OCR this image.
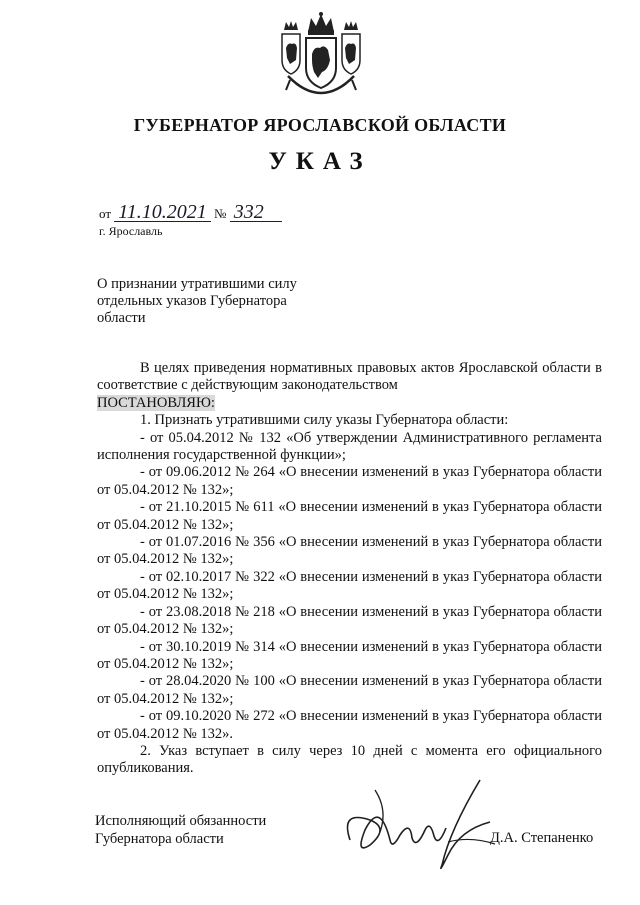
ГУБЕРНАТОР ЯРОСЛАВСКОЙ ОБЛАСТИ
УКАЗ
от 11.10.2021 № 332
г. Ярославль
О признании утратившими силу
отдельных указов Губернатора
области

В целях приведения нормативных правовых актов Ярославской области в соответствие с действующим законодательством

ПОСТАНОВЛЯЮ:

1. Признать утратившими силу указы Губернатора области:

- от 05.04.2012 № 132 «Об утверждении Административного регламента исполнения государственной функции»;

- от 09.06.2012 № 264 «О внесении изменений в указ Губернатора области от 05.04.2012 № 132»;

- от 21.10.2015 № 611 «О внесении изменений в указ Губернатора области от 05.04.2012 № 132»;

- от 01.07.2016 № 356 «О внесении изменений в указ Губернатора области от 05.04.2012 № 132»;

- от 02.10.2017 № 322 «О внесении изменений в указ Губернатора области от 05.04.2012 № 132»;

- от 23.08.2018 № 218 «О внесении изменений в указ Губернатора области от 05.04.2012 № 132»;

- от 30.10.2019 № 314 «О внесении изменений в указ Губернатора области от 05.04.2012 № 132»;

- от 28.04.2020 № 100 «О внесении изменений в указ Губернатора области от 05.04.2012 № 132»;

- от 09.10.2020 № 272 «О внесении изменений в указ Губернатора области от 05.04.2012 № 132».

2. Указ вступает в силу через 10 дней с момента его официального опубликования.

Исполняющий обязанности
Губернатора области	Д.А. Степаненко
